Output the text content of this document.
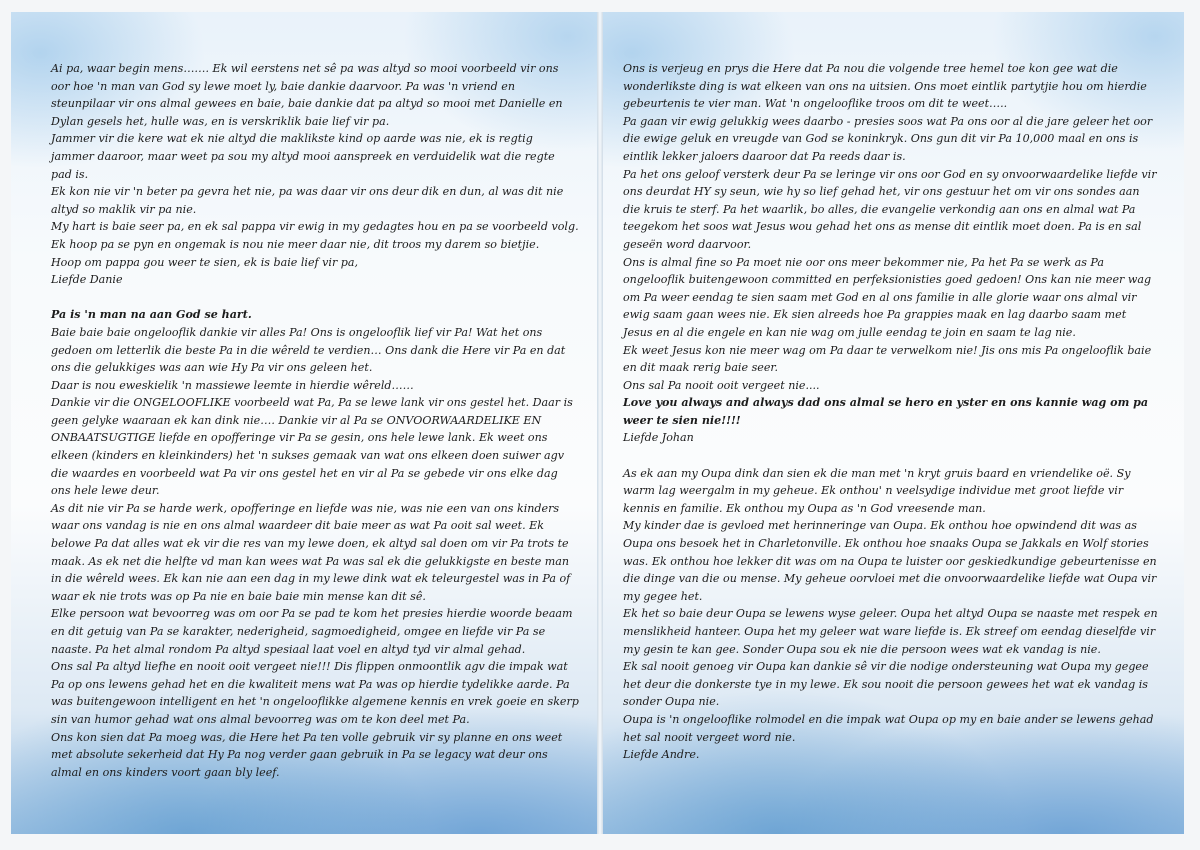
Ai pa, waar begin mens……. Ek wil eerstens net sê pa was altyd so mooi voorbeeld vir ons oor hoe 'n man van God sy lewe moet ly, baie dankie daarvoor. Pa was 'n vriend en steunpilaar vir ons almal gewees en baie, baie dankie dat pa altyd so mooi met Danielle en Dylan gesels het, hulle was, en is verskriklik baie lief vir pa.

Jammer vir die kere wat ek nie altyd die maklikste kind op aarde was nie, ek is regtig jammer daaroor, maar weet pa sou my altyd mooi aanspreek en verduidelik wat die regte pad is.

Ek kon nie vir 'n beter pa gevra het nie, pa was daar vir ons deur dik en dun, al was dit nie altyd so maklik vir pa nie.

My hart is baie seer pa, en ek sal pappa vir ewig in my gedagtes hou en pa se voorbeeld volg. Ek hoop pa se pyn en ongemak is nou nie meer daar nie, dit troos my darem so bietjie.

Hoop om pappa gou weer te sien, ek is baie lief vir pa,

Liefde Danie

Pa is 'n man na aan God se hart.

Baie baie baie ongelooflik dankie vir alles Pa! Ons is ongelooflik lief vir Pa! Wat het ons gedoen om letterlik die beste Pa in die wêreld te verdien… Ons dank die Here vir Pa en dat ons die gelukkiges was aan wie Hy Pa vir ons geleen het.

Daar is nou eweskielik 'n massiewe leemte in hierdie wêreld……

Dankie vir die ONGELOOFLIKE voorbeeld wat Pa, Pa se lewe lank vir ons gestel het. Daar is geen gelyke waaraan ek kan dink nie…. Dankie vir al Pa se ONVOORWAARDELIKE EN ONBAATSUGTIGE liefde en opofferinge vir Pa se gesin, ons hele lewe lank. Ek weet ons elkeen (kinders en kleinkinders) het 'n sukses gemaak van wat ons elkeen doen suiwer agv die waardes en voorbeeld wat Pa vir ons gestel het en vir al Pa se gebede vir ons elke dag ons hele lewe deur.

As dit nie vir Pa se harde werk, opofferinge en liefde was nie, was nie een van ons kinders waar ons vandag is nie en ons almal waardeer dit baie meer as wat Pa ooit sal weet. Ek belowe Pa dat alles wat ek vir die res van my lewe doen, ek altyd sal doen om vir Pa trots te maak. As ek net die helfte vd man kan wees wat Pa was sal ek die gelukkigste en beste man in die wêreld wees. Ek kan nie aan een dag in my lewe dink wat ek teleurgestel was in Pa of waar ek nie trots was op Pa nie en baie baie min mense kan dit sê.

Elke persoon wat bevoorreg was om oor Pa se pad te kom het presies hierdie woorde beaam en dit getuig van Pa se karakter, nederigheid, sagmoedigheid, omgee en liefde vir Pa se naaste. Pa het almal rondom Pa altyd spesiaal laat voel en altyd tyd vir almal gehad.

Ons sal Pa altyd liefhe en nooit ooit vergeet nie!!! Dis flippen onmoontlik agv die impak wat Pa op ons lewens gehad het en die kwaliteit mens wat Pa was op hierdie tydelikke aarde. Pa was buitengewoon intelligent en het 'n ongelooflikke algemene kennis en vrek goeie en skerp sin van humor gehad wat ons almal bevoorreg was om te kon deel met Pa.

Ons kon sien dat Pa moeg was, die Here het Pa ten volle gebruik vir sy planne en ons weet met absolute sekerheid dat Hy Pa nog verder gaan gebruik in Pa se legacy wat deur ons almal en ons kinders voort gaan bly leef.

Ons is verjeug en prys die Here dat Pa nou die volgende tree hemel toe kon gee wat die wonderlikste ding is wat elkeen van ons na uitsien. Ons moet eintlik partytjie hou om hierdie gebeurtenis te vier man. Wat 'n ongelooflike troos om dit te weet…..

Pa gaan vir ewig gelukkig wees daarbo - presies soos wat Pa ons oor al die jare geleer het oor die ewige geluk en vreugde van God se koninkryk. Ons gun dit vir Pa 10,000 maal en ons is eintlik lekker jaloers daaroor dat Pa reeds daar is.

Pa het ons geloof versterk deur Pa se leringe vir ons oor God en sy onvoorwaardelike liefde vir ons deurdat HY sy seun, wie hy so lief gehad het, vir ons gestuur het om vir ons sondes aan die kruis te sterf. Pa het waarlik, bo alles, die evangelie verkondig aan ons en almal wat Pa teegekom het soos wat Jesus wou gehad het ons as mense dit eintlik moet doen. Pa is en sal geseën word daarvoor.

Ons is almal fine so Pa moet nie oor ons meer bekommer nie, Pa het Pa se werk as Pa ongelooflik buitengewoon committed en perfeksionisties goed gedoen! Ons kan nie meer wag om Pa weer eendag te sien saam met God en al ons familie in alle glorie waar ons almal vir ewig saam gaan wees nie. Ek sien alreeds hoe Pa grappies maak en lag daarbo saam met Jesus en al die engele en kan nie wag om julle eendag te join en saam te lag nie.

Ek weet Jesus kon nie meer wag om Pa daar te verwelkom nie! Jis ons mis Pa ongelooflik baie en dit maak rerig baie seer.

Ons sal Pa nooit ooit vergeet nie....

Love you always and always dad ons almal se hero en yster en ons kannie wag om pa weer te sien nie!!!!

Liefde Johan

As ek aan my Oupa dink dan sien ek die man met 'n kryt gruis baard en vriendelike oë. Sy warm lag weergalm in my geheue. Ek onthou' n veelsydige individue met groot liefde vir kennis en familie. Ek onthou my Oupa as 'n God vreesende man.

My kinder dae is gevloed met herinneringe van Oupa. Ek onthou hoe opwindend dit was as Oupa ons besoek het in Charletonville. Ek onthou hoe snaaks Oupa se Jakkals en Wolf stories was. Ek onthou hoe lekker dit was om na Oupa te luister oor geskiedkundige gebeurtenisse en die dinge van die ou mense. My geheue oorvloei met die onvoorwaardelike liefde wat Oupa vir my gegee het.

Ek het so baie deur Oupa se lewens wyse geleer. Oupa het altyd Oupa se naaste met respek en menslikheid hanteer. Oupa het my geleer wat ware liefde is. Ek streef om eendag dieselfde vir my gesin te kan gee. Sonder Oupa sou ek nie die persoon wees wat ek vandag is nie.

Ek sal nooit genoeg vir Oupa kan dankie sê vir die nodige ondersteuning wat Oupa my gegee het deur die donkerste tye in my lewe. Ek sou nooit die persoon gewees het wat ek vandag is sonder Oupa nie.

Oupa is 'n ongelooflike rolmodel en die impak wat Oupa op my en baie ander se lewens gehad het sal nooit vergeet word nie.

Liefde Andre.
